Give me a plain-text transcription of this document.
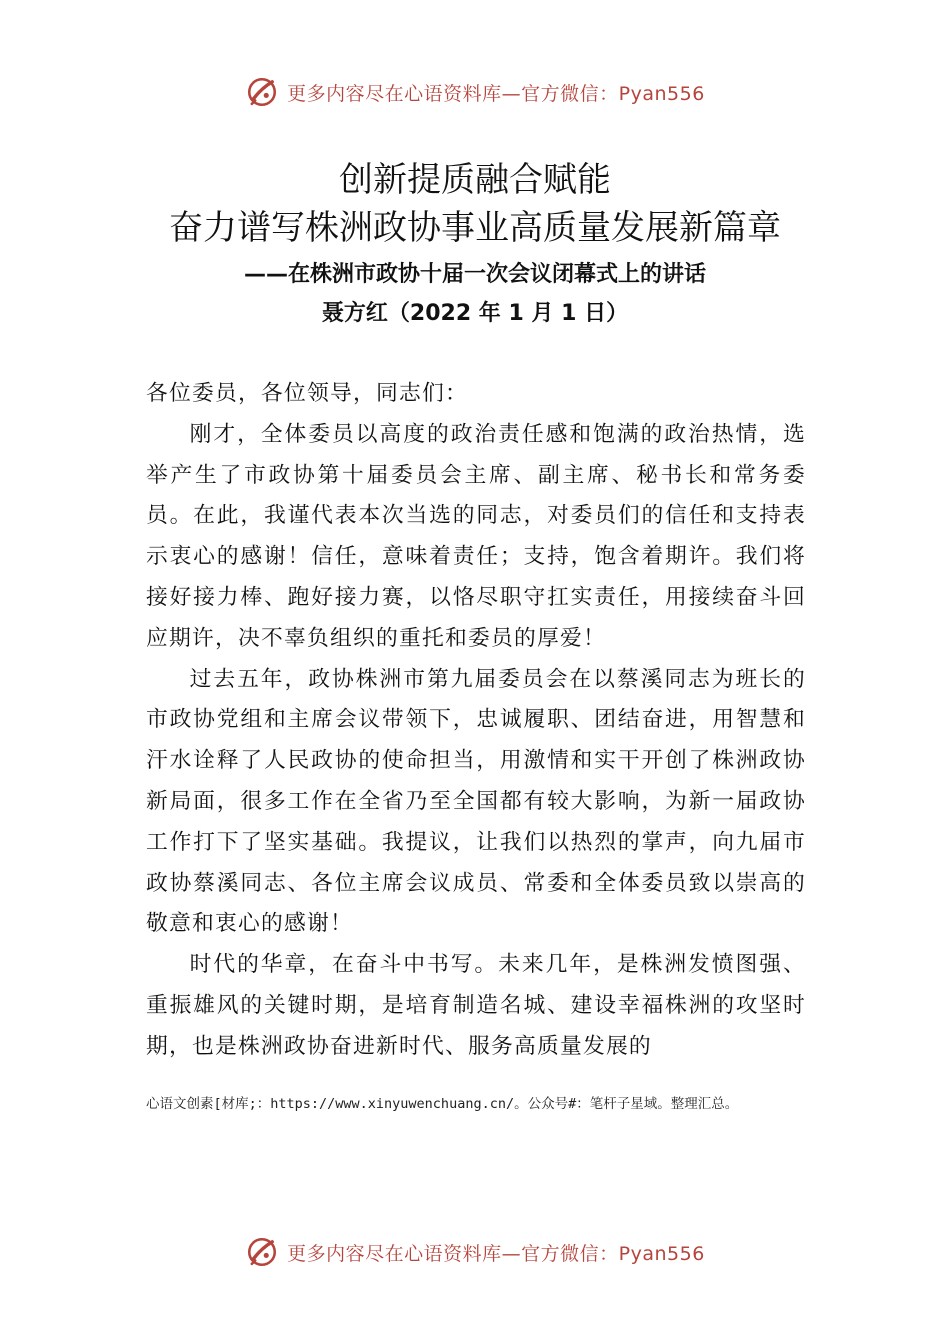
更多内容尽在心语资料库—官方微信：Pyan556
创新提质融合赋能
奋力谱写株洲政协事业高质量发展新篇章
——在株洲市政协十届一次会议闭幕式上的讲话
聂方红（2022 年 1 月 1 日）

各位委员，各位领导，同志们：

刚才，全体委员以高度的政治责任感和饱满的政治热情，选举产生了市政协第十届委员会主席、副主席、秘书长和常务委员。在此，我谨代表本次当选的同志，对委员们的信任和支持表示衷心的感谢！信任，意味着责任；支持，饱含着期许。我们将接好接力棒、跑好接力赛，以恪尽职守扛实责任，用接续奋斗回应期许，决不辜负组织的重托和委员的厚爱！

过去五年，政协株洲市第九届委员会在以蔡溪同志为班长的市政协党组和主席会议带领下，忠诚履职、团结奋进，用智慧和汗水诠释了人民政协的使命担当，用激情和实干开创了株洲政协新局面，很多工作在全省乃至全国都有较大影响，为新一届政协工作打下了坚实基础。我提议，让我们以热烈的掌声，向九届市政协蔡溪同志、各位主席会议成员、常委和全体委员致以崇高的敬意和衷心的感谢！

时代的华章，在奋斗中书写。未来几年，是株洲发愤图强、重振雄风的关键时期，是培育制造名城、建设幸福株洲的攻坚时期，也是株洲政协奋进新时代、服务高质量发展的

心语文创素[材库;：https://www.xinyuwenchuang.cn/。公众号#：笔杆子星域。整理汇总。
更多内容尽在心语资料库—官方微信：Pyan556
